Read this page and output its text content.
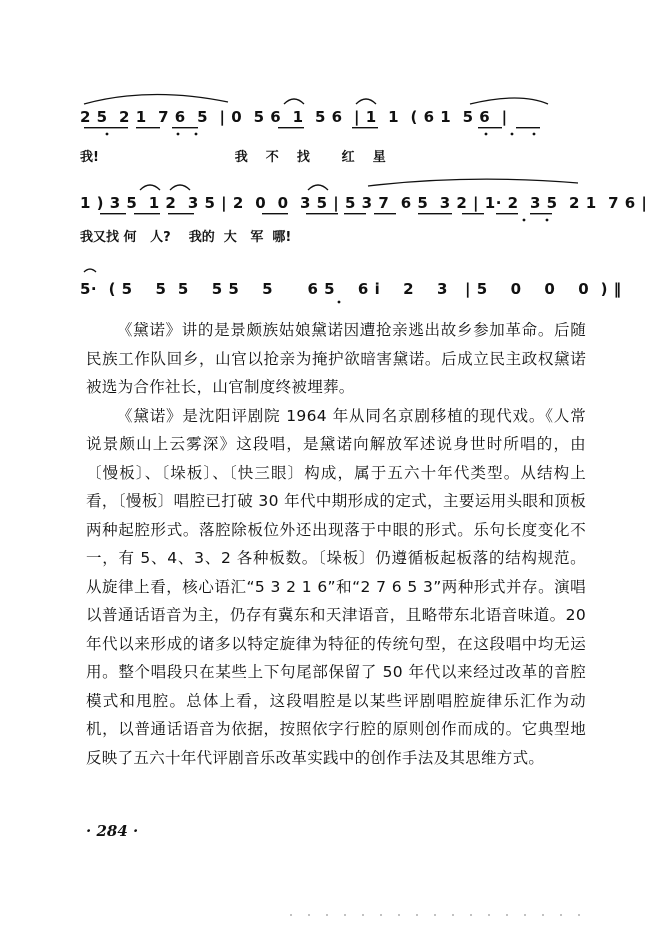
2 5  2 1  7 6  5  | 0  5 6  1  5 6  | 1  1  ( 6 1  5 6  |
我!                              我    不    找       红    星
1 ) 3 5  1 2  3 5 | 2  0  0  3 5 | 5 3 7  6 5  3 2 | 1· 2  3 5  2 1  7 6 |
我又找 何   人?    我的  大   军  哪!
5·  ( 5    5  5    5 5    5      6 5    6 i    2    3   | 5    0    0    0  ) ‖

《黛诺》讲的是景颇族姑娘黛诺因遭抢亲逃出故乡参加革命。后随民族工作队回乡，山官以抢亲为掩护欲暗害黛诺。后成立民主政权黛诺被选为合作社长，山官制度终被埋葬。

《黛诺》是沈阳评剧院 1964 年从同名京剧移植的现代戏。《人常说景颇山上云雾深》这段唱，是黛诺向解放军述说身世时所唱的，由〔慢板〕、〔垛板〕、〔快三眼〕构成，属于五六十年代类型。从结构上看，〔慢板〕唱腔已打破 30 年代中期形成的定式，主要运用头眼和顶板两种起腔形式。落腔除板位外还出现落于中眼的形式。乐句长度变化不一，有 5、4、3、2 各种板数。〔垛板〕仍遵循板起板落的结构规范。从旋律上看，核心语汇“5 3 2 1 6”和“2 7 6 5 3”两种形式并存。演唱以普通话语音为主，仍存有冀东和天津语音，且略带东北语音味道。20 年代以来形成的诸多以特定旋律为特征的传统句型，在这段唱中均无运用。整个唱段只在某些上下句尾部保留了 50 年代以来经过改革的音腔模式和甩腔。总体上看，这段唱腔是以某些评剧唱腔旋律乐汇作为动机，以普通话语音为依据，按照依字行腔的原则创作而成的。它典型地反映了五六十年代评剧音乐改革实践中的创作手法及其思维方式。

· 284 ·
